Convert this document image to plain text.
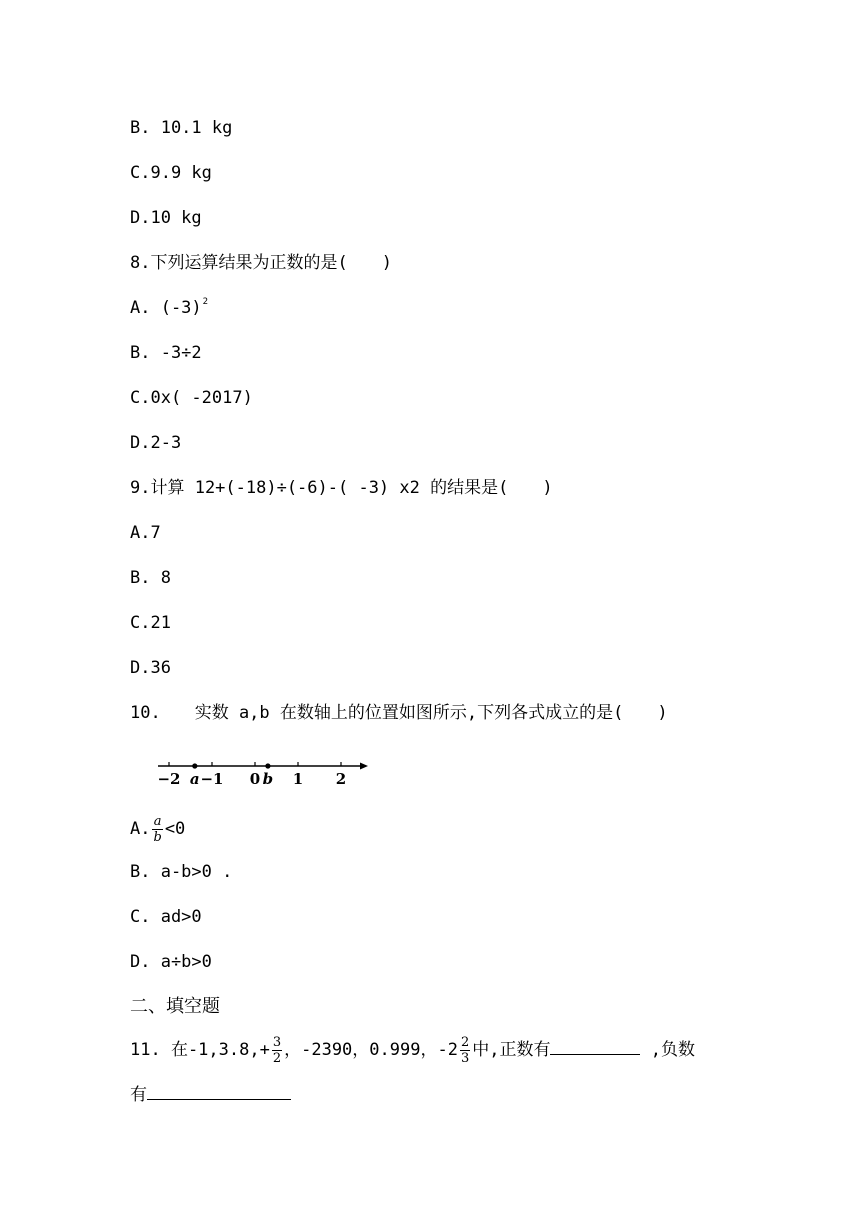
B. 10.1 kg
C.9.9 kg
D.10 kg
8.下列运算结果为正数的是(　　)
A. $(-3)^2$
B. -3÷2
C.0x( -2017)
D.2-3
9.计算 12+(-18)÷(-6)-( -3) x2 的结果是(　　)
A.7
B. 8
C.21
D.36
10.　　实数 a,b 在数轴上的位置如图所示,下列各式成立的是(　　)
−2 −1 0 1 2
a	b
A. $\frac{a}{b} <0$
B. a-b>0 .
C. ad>0
D. a÷b>0
二、填空题
11. 在$-1,3.8,+ \frac{3}{2}$ ，-2390，0.999，$-2 \frac{2}{3}$ 中,正数有	,负数
有
